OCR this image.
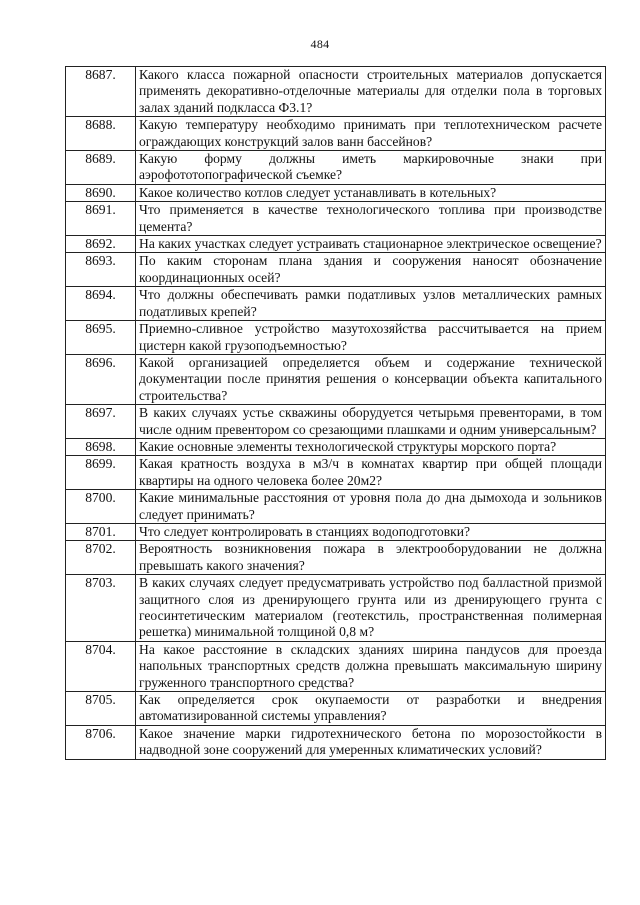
484
8687.	Какого класса пожарной опасности строительных материалов допускается применять декоративно-отделочные материалы для отделки пола в торговых залах зданий подкласса Ф3.1?
8688.	Какую температуру необходимо принимать при теплотехническом расчете ограждающих конструкций залов ванн бассейнов?
8689.	Какую форму должны иметь маркировочные знаки при аэрофототопографической съемке?
8690.	Какое количество котлов следует устанавливать в котельных?
8691.	Что применяется в качестве технологического топлива при производстве цемента?
8692.	На каких участках следует устраивать стационарное электрическое освещение?
8693.	По каким сторонам плана здания и сооружения наносят обозначение координационных осей?
8694.	Что должны обеспечивать рамки податливых узлов металлических рамных податливых крепей?
8695.	Приемно-сливное устройство мазутохозяйства рассчитывается на прием цистерн какой грузоподъемностью?
8696.	Какой организацией определяется объем и содержание технической документации после принятия решения о консервации объекта капитального строительства?
8697.	В каких случаях устье скважины оборудуется четырьмя превенторами, в том числе одним превентором со срезающими плашками и одним универсальным?
8698.	Какие основные элементы технологической структуры морского порта?
8699.	Какая кратность воздуха в м3/ч в комнатах квартир при общей площади квартиры на одного человека более 20м2?
8700.	Какие минимальные расстояния от уровня пола до дна дымохода и зольников следует принимать?
8701.	Что следует контролировать в станциях водоподготовки?
8702.	Вероятность возникновения пожара в электрооборудовании не должна превышать какого значения?
8703.	В каких случаях следует предусматривать устройство под балластной призмой защитного слоя из дренирующего грунта или из дренирующего грунта с геосинтетическим материалом (геотекстиль, пространственная полимерная решетка) минимальной толщиной 0,8 м?
8704.	На какое расстояние в складских зданиях ширина пандусов для проезда напольных транспортных средств должна превышать максимальную ширину груженного транспортного средства?
8705.	Как определяется срок окупаемости от разработки и внедрения автоматизированной системы управления?
8706.	Какое значение марки гидротехнического бетона по морозостойкости в надводной зоне сооружений для умеренных климатических условий?
